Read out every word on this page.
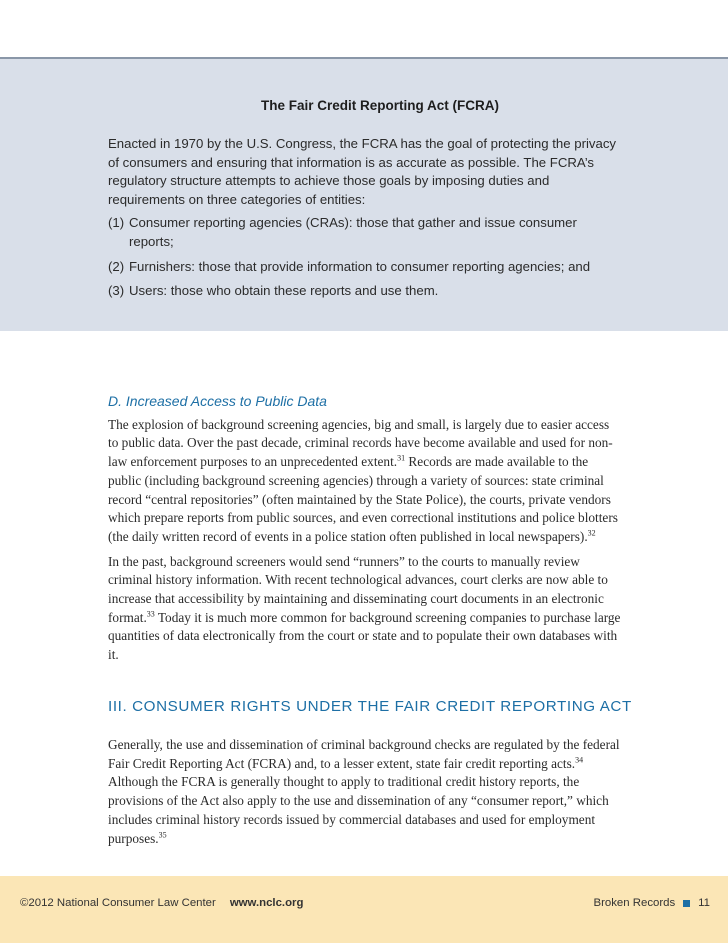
The Fair Credit Reporting Act (FCRA)

Enacted in 1970 by the U.S. Congress, the FCRA has the goal of protecting the privacy of consumers and ensuring that information is as accurate as possible. The FCRA’s regulatory structure attempts to achieve those goals by imposing duties and requirements on three categories of entities:

(1) Consumer reporting agencies (CRAs): those that gather and issue consumer reports;
(2) Furnishers: those that provide information to consumer reporting agencies; and
(3) Users: those who obtain these reports and use them.
D. Increased Access to Public Data

The explosion of background screening agencies, big and small, is largely due to easier access to public data. Over the past decade, criminal records have become available and used for non-law enforcement purposes to an unprecedented extent.$^{31}$ Records are made available to the public (including background screening agencies) through a variety of sources: state criminal record “central repositories” (often maintained by the State Police), the courts, private vendors which prepare reports from public sources, and even correctional institutions and police blotters (the daily written record of events in a police station often published in local newspapers).$^{32}$

In the past, background screeners would send “runners” to the courts to manually review criminal history information. With recent technological advances, court clerks are now able to increase that accessibility by maintaining and disseminating court documents in an electronic format.$^{33}$ Today it is much more common for background screening companies to purchase large quantities of data electronically from the court or state and to populate their own databases with it.

III. CONSUMER RIGHTS UNDER THE FAIR CREDIT REPORTING ACT

Generally, the use and dissemination of criminal background checks are regulated by the federal Fair Credit Reporting Act (FCRA) and, to a lesser extent, state fair credit reporting acts.$^{34}$ Although the FCRA is generally thought to apply to traditional credit history reports, the provisions of the Act also apply to the use and dissemination of any “consumer report,” which includes criminal history records issued by commercial databases and used for employment purposes.$^{35}$

©2012 National Consumer Law Center www.nclc.org	Broken Records 11
